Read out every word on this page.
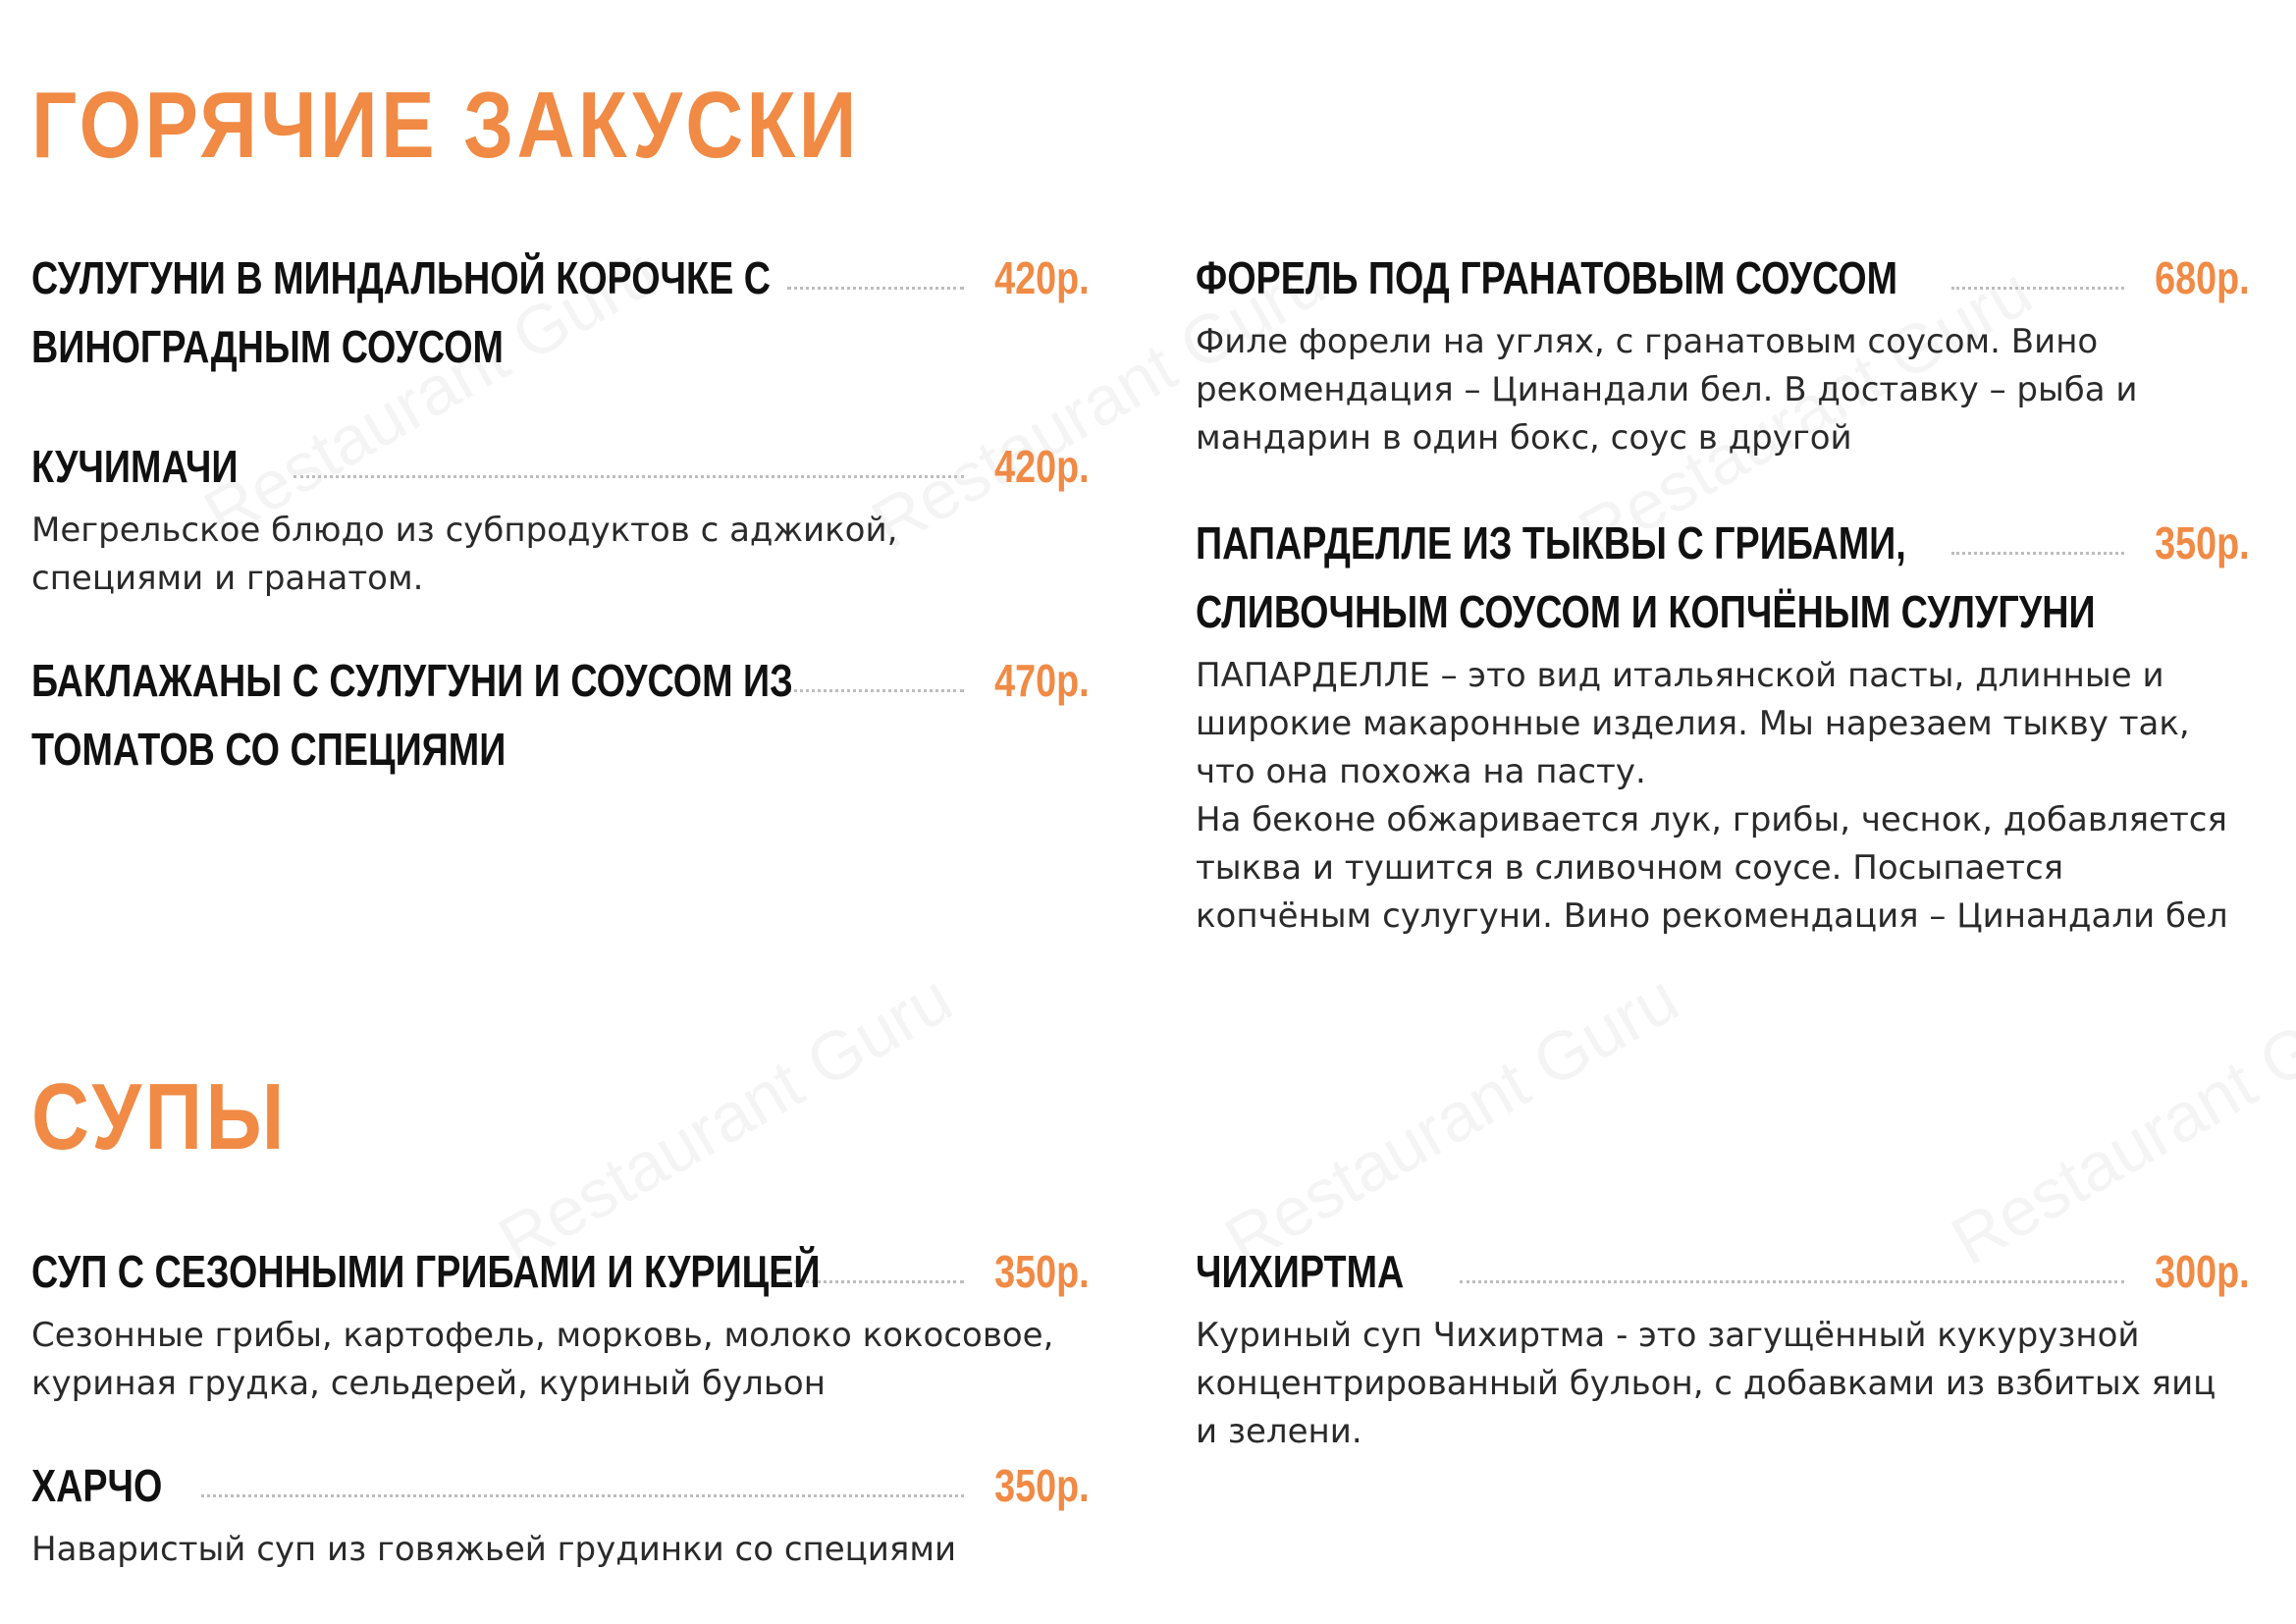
ГОРЯЧИЕ ЗАКУСКИ
СУЛУГУНИ В МИНДАЛЬНОЙ КОРОЧКЕ С	420р.
ВИНОГРАДНЫМ СОУСОМ
КУЧИМАЧИ	420р.
Мегрельское блюдо из субпродуктов с аджикой, специями и гранатом.
БАКЛАЖАНЫ С СУЛУГУНИ И СОУСОМ ИЗ	470р.
ТОМАТОВ СО СПЕЦИЯМИ
ФОРЕЛЬ ПОД ГРАНАТОВЫМ СОУСОМ	680р.
Филе форели на углях, с гранатовым соусом. Вино рекомендация – Цинандали бел. В доставку – рыба и мандарин в один бокс, соус в другой
ПАПАРДЕЛЛЕ ИЗ ТЫКВЫ С ГРИБАМИ,	350р.
СЛИВОЧНЫМ СОУСОМ И КОПЧЁНЫМ СУЛУГУНИ
ПАПАРДЕЛЛЕ – это вид итальянской пасты, длинные и широкие макаронные изделия. Мы нарезаем тыкву так, что она похожа на пасту.
На беконе обжаривается лук, грибы, чеснок, добавляется тыква и тушится в сливочном соусе. Посыпается копчёным сулугуни. Вино рекомендация – Цинандали бел
СУПЫ
СУП С СЕЗОННЫМИ ГРИБАМИ И КУРИЦЕЙ	350р.
Сезонные грибы, картофель, морковь, молоко кокосовое, куриная грудка, сельдерей, куриный бульон
ХАРЧО	350р.
Наваристый суп из говяжьей грудинки со специями
ЧИХИРТМА	300р.
Куриный суп Чихиртма - это загущённый кукурузной концентрированный бульон, с добавками из взбитых яиц и зелени.
